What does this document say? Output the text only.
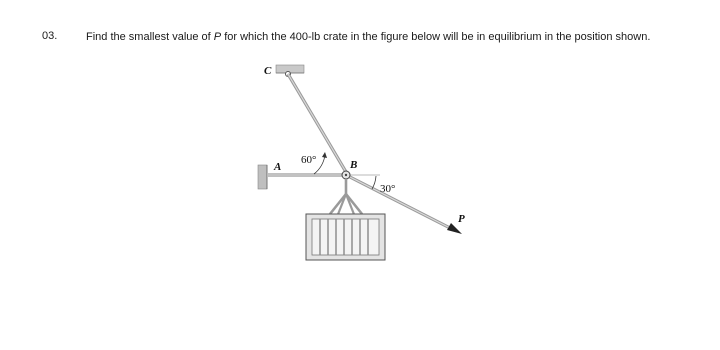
03.	Find the smallest value of P for which the 400-lb crate in the figure below will be in equilibrium in the position shown.
C
A
P
60°
30°
B
